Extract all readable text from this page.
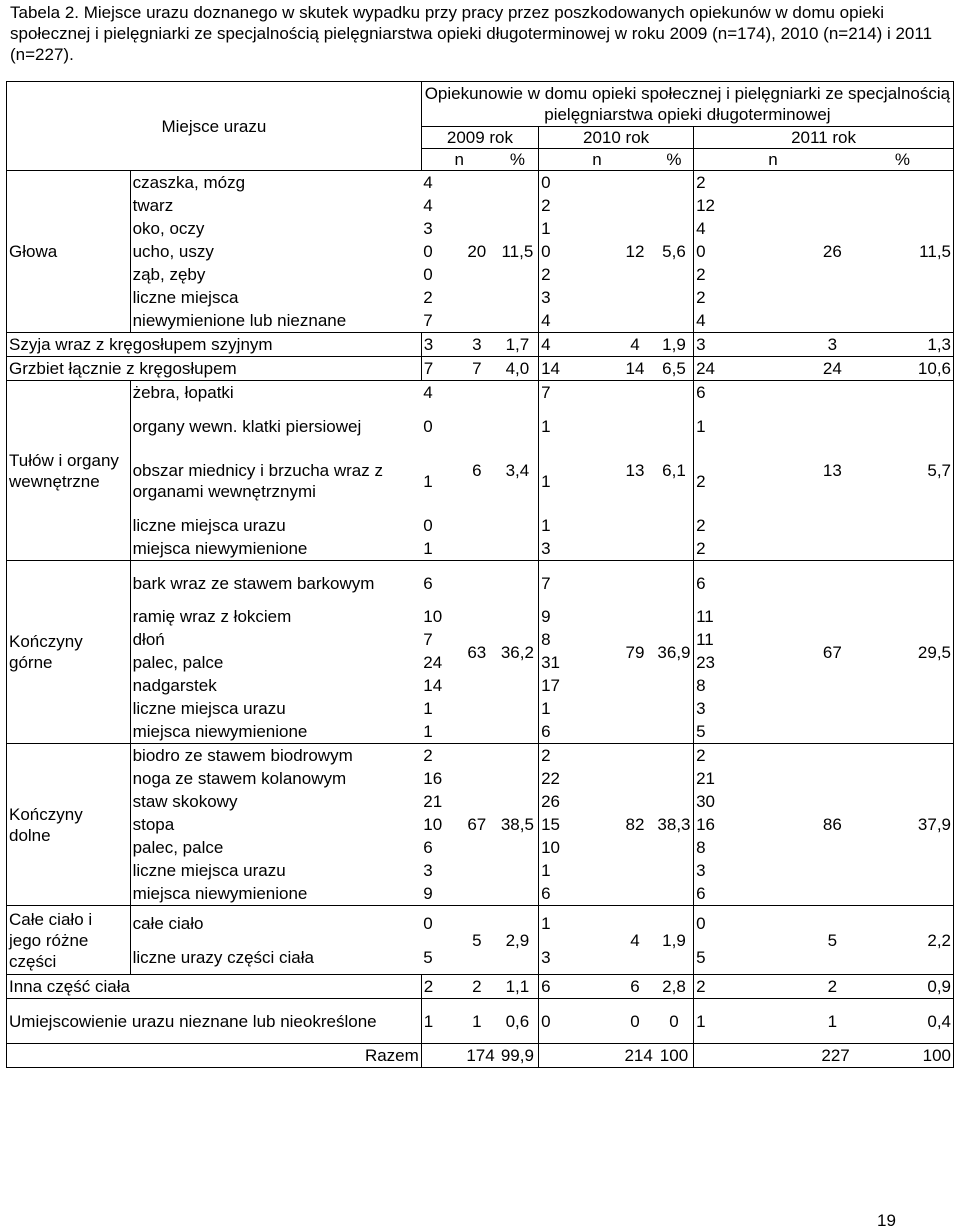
Tabela 2. Miejsce urazu doznanego w skutek wypadku przy pracy przez poszkodowanych opiekunów w domu opieki społecznej i pielęgniarki ze specjalnością pielęgniarstwa opieki długoterminowej w roku 2009 (n=174), 2010 (n=214) i 2011 (n=227).
Miejsce urazu		Opiekunowie w domu opieki społecznej i pielęgniarki ze specjalnością pielęgniarstwa opieki długoterminowej								
		2009 rok			2010 rok			2011 rok		
		n		%	n		%	n		%
Głowa	czaszka, mózg	4	20	11,5	0	12	5,6	2	26	11,5
	twarz	4			2			12		
	oko, oczy	3			1			4		
	ucho, uszy	0			0			0		
	ząb, zęby	0			2			2		
	liczne miejsca	2			3			2		
	niewymienione lub nieznane	7			4			4		
Szyja wraz z kręgosłupem szyjnym		3	3	1,7	4	4	1,9	3	3	1,3
Grzbiet łącznie z kręgosłupem		7	7	4,0	14	14	6,5	24	24	10,6
Tułów i organy wewnętrzne	żebra, łopatki	4	6	3,4	7	13	6,1	6	13	5,7
	organy wewn. klatki piersiowej	0			1			1		
	obszar miednicy i brzucha wraz z organami wewnętrznymi	1			1			2		
	liczne miejsca urazu	0			1			2		
	miejsca niewymienione	1			3			2		
Kończyny górne	bark wraz ze stawem barkowym	6	63	36,2	7	79	36,9	6	67	29,5
	ramię wraz z łokciem	10			9			11		
	dłoń	7			8			11		
	palec, palce	24			31			23		
	nadgarstek	14			17			8		
	liczne miejsca urazu	1			1			3		
	miejsca niewymienione	1			6			5		
Kończyny dolne	biodro ze stawem biodrowym	2	67	38,5	2	82	38,3	2	86	37,9
	noga ze stawem kolanowym	16			22			21		
	staw skokowy	21			26			30		
	stopa	10			15			16		
	palec, palce	6			10			8		
	liczne miejsca urazu	3			1			3		
	miejsca niewymienione	9			6			6		
Całe ciało i jego różne części	całe ciało	0	5	2,9	1	4	1,9	0	5	2,2
	liczne urazy części ciała	5			3			5		
Inna część ciała		2	2	1,1	6	6	2,8	2	2	0,9
Umiejscowienie urazu nieznane lub nieokreślone		1	1	0,6	0	0	0	1	1	0,4
Razem		174		99,9	214		100	227		100
19
